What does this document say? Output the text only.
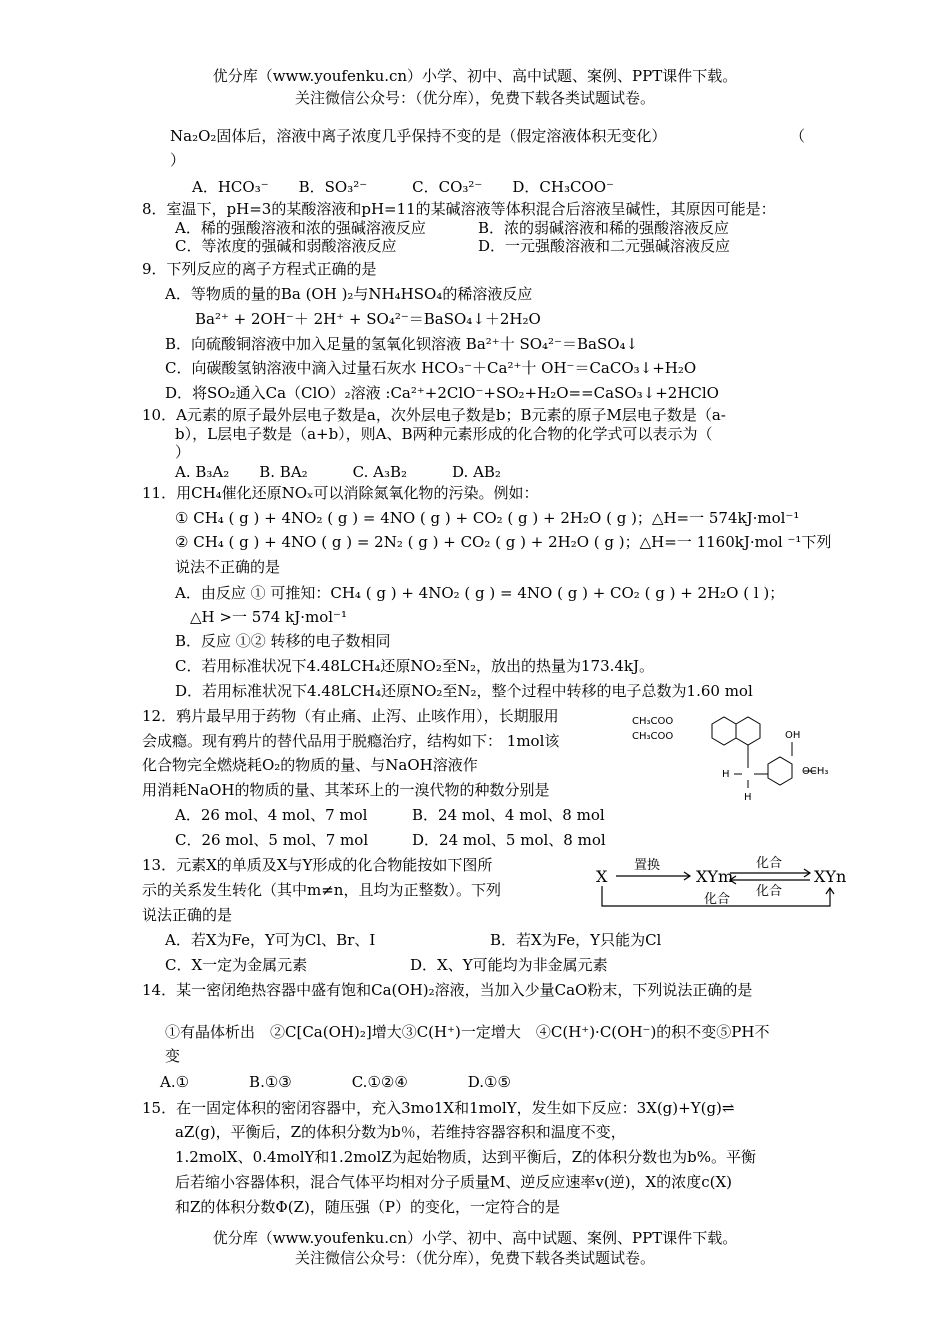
优分库（www.youfenku.cn）小学、初中、高中试题、案例、PPT课件下载。
关注微信公众号：（优分库），免费下载各类试题试卷。
Na₂O₂固体后，溶液中离子浓度几乎保持不变的是（假定溶液体积无变化）	（
）
A．HCO₃⁻　　B．SO₃²⁻　　　C．CO₃²⁻　　D．CH₃COO⁻
8．室温下，pH=3的某酸溶液和pH=11的某碱溶液等体积混合后溶液呈碱性，其原因可能是：
A．稀的强酸溶液和浓的强碱溶液反应	B．浓的弱碱溶液和稀的强酸溶液反应
C．等浓度的强碱和弱酸溶液反应	D．一元强酸溶液和二元强碱溶液反应
9．下列反应的离子方程式正确的是
A．等物质的量的Ba (OH )₂与NH₄HSO₄的稀溶液反应
Ba²⁺ + 2OH⁻＋ 2H⁺ + SO₄²⁻＝BaSO₄↓＋2H₂O
B．向硫酸铜溶液中加入足量的氢氧化钡溶液 Ba²⁺十 SO₄²⁻＝BaSO₄↓
C．向碳酸氢钠溶液中滴入过量石灰水 HCO₃⁻＋Ca²⁺十 OH⁻＝CaCO₃↓+H₂O
D．将SO₂通入Ca（ClO）₂溶液 :Ca²⁺+2ClO⁻+SO₂+H₂O==CaSO₃↓+2HClO
10．A元素的原子最外层电子数是a，次外层电子数是b；B元素的原子M层电子数是（a-
b），L层电子数是（a+b），则A、B两种元素形成的化合物的化学式可以表示为（
）
A. B₃A₂　　B. BA₂　　　C. A₃B₂　　　D. AB₂
11．用CH₄催化还原NOₓ可以消除氮氧化物的污染。例如：
① CH₄ ( g ) + 4NO₂ ( g ) = 4NO ( g ) + CO₂ ( g ) + 2H₂O ( g )；△H=一 574kJ·mol⁻¹
② CH₄ ( g ) + 4NO ( g ) = 2N₂ ( g ) + CO₂ ( g ) + 2H₂O ( g )；△H=一 1160kJ·mol ⁻¹下列
说法不正确的是
A．由反应 ① 可推知：CH₄ ( g ) + 4NO₂ ( g ) = 4NO ( g ) + CO₂ ( g ) + 2H₂O ( l )；
△H >一 574 kJ·mol⁻¹
B．反应 ①② 转移的电子数相同
C．若用标准状况下4.48LCH₄还原NO₂至N₂，放出的热量为173.4kJ。
D．若用标准状况下4.48LCH₄还原NO₂至N₂，整个过程中转移的电子总数为1.60 mol
12．鸦片最早用于药物（有止痛、止泻、止咳作用），长期服用
会成瘾。现有鸦片的替代品用于脱瘾治疗，结构如下： 1mol该
化合物完全燃烧耗O₂的物质的量、与NaOH溶液作
用消耗NaOH的物质的量、其苯环上的一溴代物的种数分别是
A．26 mol、4 mol、7 mol	B．24 mol、4 mol、8 mol
C．26 mol、5 mol、7 mol	D．24 mol、5 mol、8 mol
CH₃COO
CH₃COO	OH
H
H
OCH₃
13．元素X的单质及X与Y形成的化合物能按如下图所
示的关系发生转化（其中m≠n，且均为正整数）。下列
说法正确的是
A．若X为Fe，Y可为Cl、Br、I	B．若X为Fe，Y只能为Cl
C．X一定为金属元素	D．X、Y可能均为非金属元素
X	XYm	XYn
置换	化合
化合
化合
14．某一密闭绝热容器中盛有饱和Ca(OH)₂溶液，当加入少量CaO粉末，下列说法正确的是
①有晶体析出　②C[Ca(OH)₂]增大③C(H⁺)一定增大　④C(H⁺)·C(OH⁻)的积不变⑤PH不
变
A.①　　　　B.①③　　　　C.①②④　　　　D.①⑤
15．在一固定体积的密闭容器中，充入3mo1X和1molY，发生如下反应：3X(g)+Y(g)⇌
aZ(g)，平衡后，Z的体积分数为b％，若维持容器容积和温度不变，
1.2molX、0.4molY和1.2molZ为起始物质，达到平衡后，Z的体积分数也为b%。平衡
后若缩小容器体积，混合气体平均相对分子质量M、逆反应速率v(逆)，X的浓度c(X)
和Z的体积分数Φ(Z)，随压强（P）的变化，一定符合的是
优分库（www.youfenku.cn）小学、初中、高中试题、案例、PPT课件下载。
关注微信公众号：（优分库），免费下载各类试题试卷。
